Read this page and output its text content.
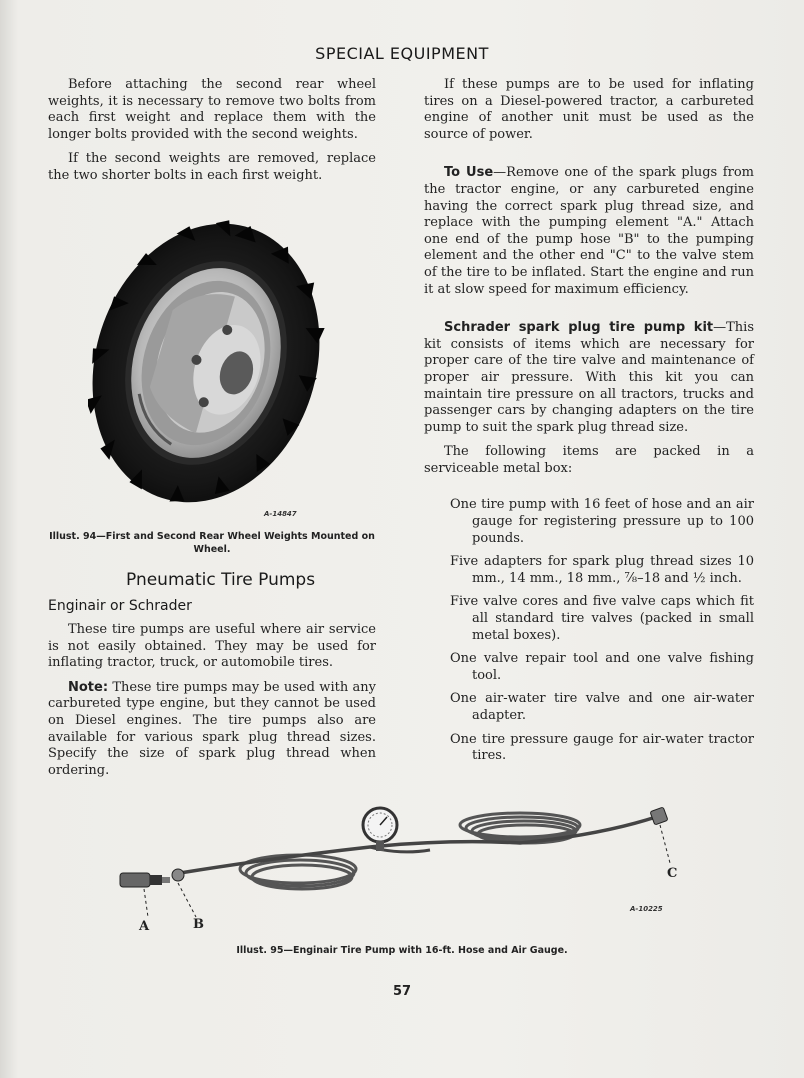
SPECIAL EQUIPMENT

Before attaching the second rear wheel weights, it is necessary to remove two bolts from each first weight and replace them with the longer bolts provided with the second weights.

If the second weights are removed, replace the two shorter bolts in each first weight.

A-14847
Illust. 94—First and Second Rear Wheel Weights Mounted on Wheel.
Pneumatic Tire Pumps
Enginair or Schrader

These tire pumps are useful where air service is not easily obtained. They may be used for inflating tractor, truck, or automobile tires.

Note: These tire pumps may be used with any carbureted type engine, but they cannot be used on Diesel engines. The tire pumps also are available for various spark plug thread sizes. Specify the size of spark plug thread when ordering.

If these pumps are to be used for inflating tires on a Diesel-powered tractor, a carbureted engine of another unit must be used as the source of power.

To Use—Remove one of the spark plugs from the tractor engine, or any carbureted engine having the correct spark plug thread size, and replace with the pumping element "A." Attach one end of the pump hose "B" to the pumping element and the other end "C" to the valve stem of the tire to be inflated. Start the engine and run it at slow speed for maximum efficiency.

Schrader spark plug tire pump kit—This kit consists of items which are necessary for proper care of the tire valve and maintenance of proper air pressure. With this kit you can maintain tire pressure on all tractors, trucks and passenger cars by changing adapters on the tire pump to suit the spark plug thread size.

The following items are packed in a serviceable metal box:

One tire pump with 16 feet of hose and an air gauge for registering pressure up to 100 pounds.
Five adapters for spark plug thread sizes 10 mm., 14 mm., 18 mm., ⅞–18 and ½ inch.
Five valve cores and five valve caps which fit all standard tire valves (packed in small metal boxes).
One valve repair tool and one valve fishing tool.
One air-water tire valve and one air-water adapter.
One tire pressure gauge for air-water tractor tires.
A	B
C
A-10225
Illust. 95—Enginair Tire Pump with 16-ft. Hose and Air Gauge.
57
